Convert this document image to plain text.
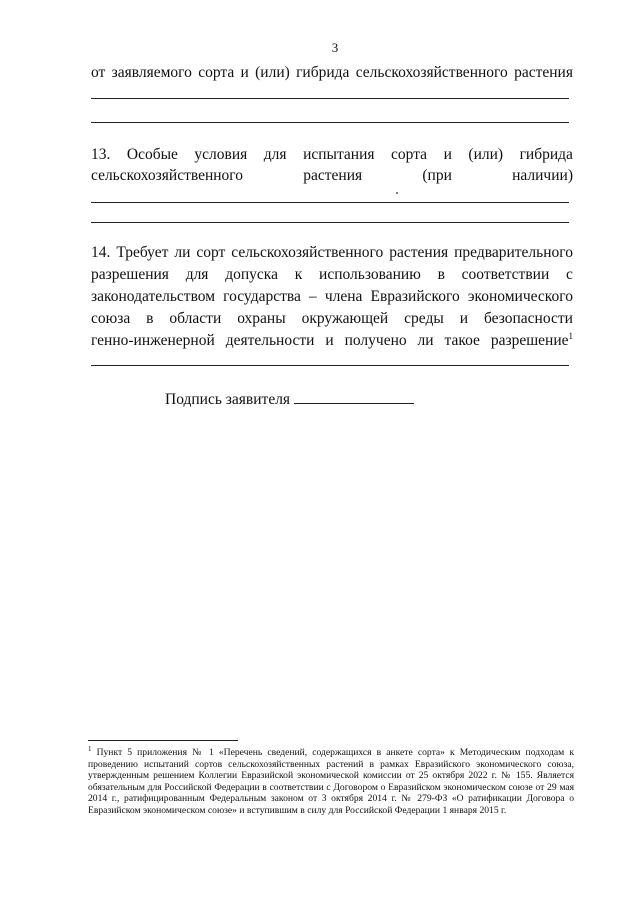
3
от заявляемого сорта и (или) гибрида сельскохозяйственного растения
13. Особые условия для испытания сорта и (или) гибрида
сельскохозяйственного	растения	(при	наличии)
14. Требует ли сорт сельскохозяйственного растения предварительного
разрешения для допуска к использованию в соответствии с
законодательством государства – члена Евразийского экономического
союза в области охраны окружающей среды и безопасности
генно-инженерной деятельности и получено ли такое разрешение1
Подпись заявителя
$^1$ Пункт 5 приложения № 1 «Перечень сведений, содержащихся в анкете сорта» к Методическим подходам к проведению испытаний сортов сельскохозяйственных растений в рамках Евразийского экономического союза, утвержденным решением Коллегии Евразийской экономической комиссии от 25 октября 2022 г. № 155. Является обязательным для Российской Федерации в соответствии с Договором о Евразийском экономическом союзе от 29 мая 2014 г., ратифицированным Федеральным законом от 3 октября 2014 г. № 279-ФЗ «О ратификации Договора о Евразийском экономическом союзе» и вступившим в силу для Российской Федерации 1 января 2015 г.
